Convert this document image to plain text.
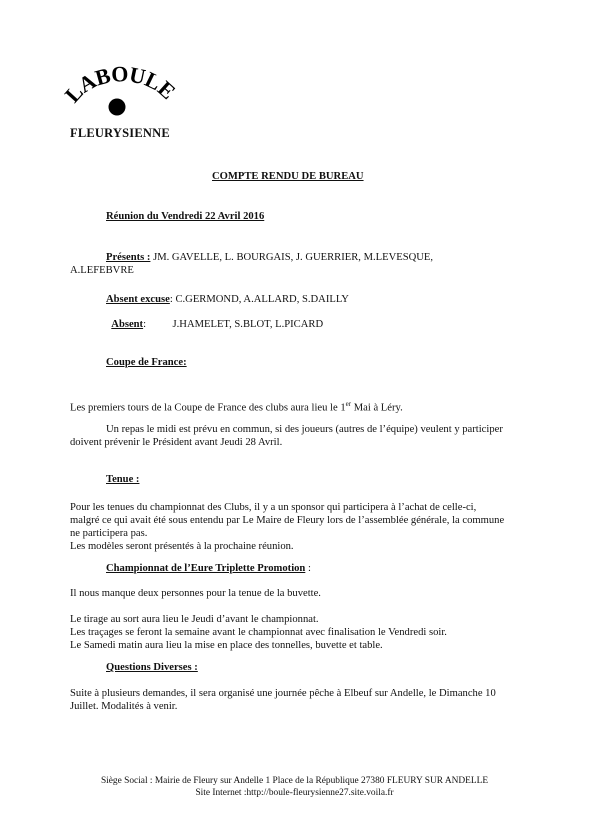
LABOULE
FLEURYSIENNE
COMPTE RENDU DE BUREAU
Réunion du Vendredi 22 Avril 2016
Présents : JM. GAVELLE, L. BOURGAIS, J. GUERRIER, M.LEVESQUE,
A.LEFEBVRE
Absent excuse: C.GERMOND, A.ALLARD, S.DAILLY

Absent:          J.HAMELET, S.BLOT, L.PICARD

Coupe de France:
Les premiers tours de la Coupe de France des clubs aura lieu le 1er Mai à Léry.
Un repas le midi est prévu en commun, si des joueurs (autres de l’équipe) veulent y participer
doivent prévenir le Président avant Jeudi 28 Avril.
Tenue :
Pour les tenues du championnat des Clubs, il y a un sponsor qui participera à l’achat de celle-ci,
malgré ce qui avait été sous entendu par Le Maire de Fleury lors de l’assemblée générale, la commune
ne participera pas.
Les modèles seront présentés à la prochaine réunion.
Championnat de l’Eure Triplette Promotion :
Il nous manque deux personnes pour la tenue de la buvette.
Le tirage au sort aura lieu le Jeudi d’avant le championnat.
Les traçages se feront la semaine avant le championnat avec finalisation le Vendredi soir.
Le Samedi matin aura lieu la mise en place des tonnelles, buvette et table.
Questions Diverses :
Suite à plusieurs demandes, il sera organisé une journée pêche à Elbeuf sur Andelle, le Dimanche 10
Juillet. Modalités à venir.
Siège Social : Mairie de Fleury sur Andelle 1 Place de la République 27380 FLEURY SUR ANDELLE
Site Internet :http://boule-fleurysienne27.site.voila.fr
